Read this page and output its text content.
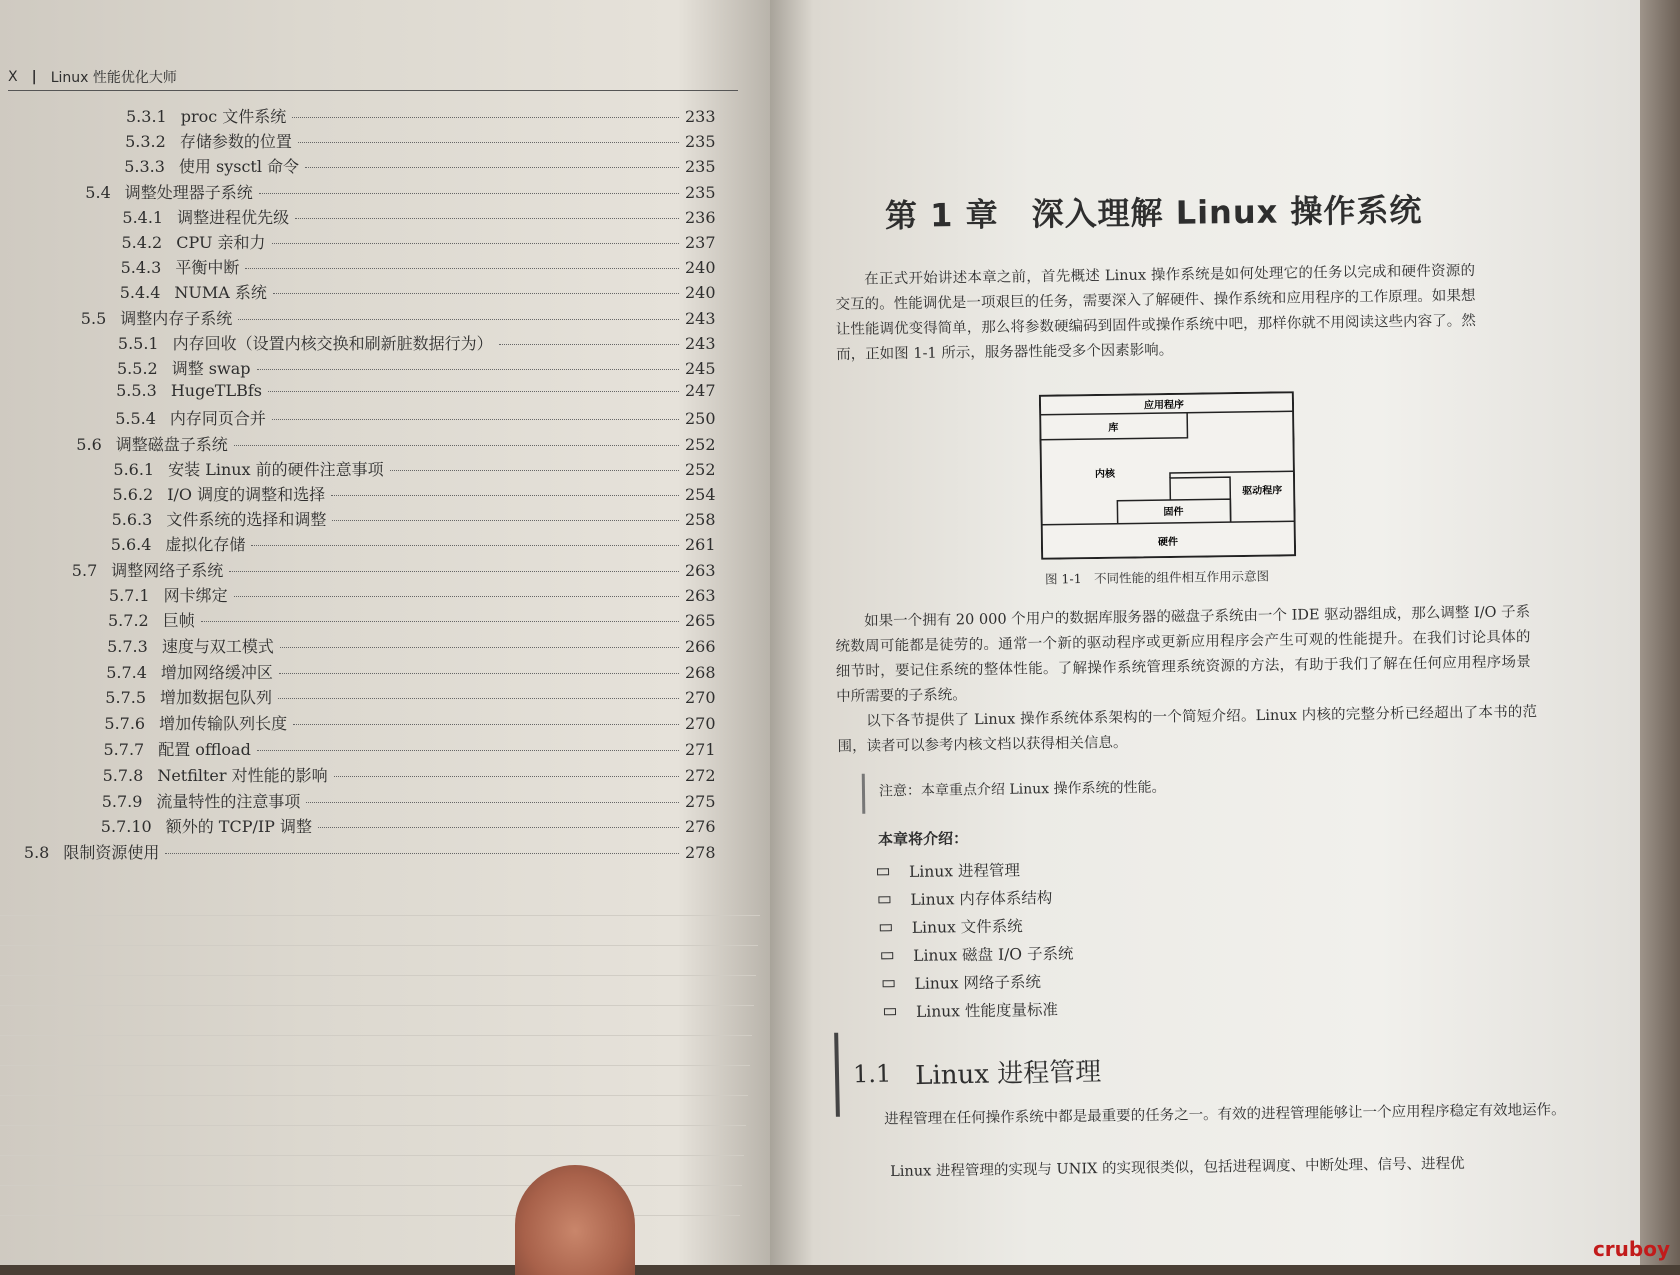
X | Linux 性能优化大师
5.3.1 proc 文件系统	233
5.3.2 存储参数的位置	235
5.3.3 使用 sysctl 命令	235
5.4 调整处理器子系统	235
5.4.1 调整进程优先级	236
5.4.2 CPU 亲和力	237
5.4.3 平衡中断	240
5.4.4 NUMA 系统	240
5.5 调整内存子系统	243
5.5.1 内存回收（设置内核交换和刷新脏数据行为）	243
5.5.2 调整 swap	245
5.5.3 HugeTLBfs	247
5.5.4 内存同页合并	250
5.6 调整磁盘子系统	252
5.6.1 安装 Linux 前的硬件注意事项	252
5.6.2 I/O 调度的调整和选择	254
5.6.3 文件系统的选择和调整	258
5.6.4 虚拟化存储	261
5.7 调整网络子系统	263
5.7.1 网卡绑定	263
5.7.2 巨帧	265
5.7.3 速度与双工模式	266
5.7.4 增加网络缓冲区	268
5.7.5 增加数据包队列	270
5.7.6 增加传输队列长度	270
5.7.7 配置 offload	271
5.7.8 Netfilter 对性能的影响	272
5.7.9 流量特性的注意事项	275
5.7.10 额外的 TCP/IP 调整	276
5.8 限制资源使用	278
第 1 章　深入理解 Linux 操作系统
在正式开始讲述本章之前，首先概述 Linux 操作系统是如何处理它的任务以完成和硬件资源的交互的。性能调优是一项艰巨的任务，需要深入了解硬件、操作系统和应用程序的工作原理。如果想让性能调优变得简单，那么将参数硬编码到固件或操作系统中吧，那样你就不用阅读这些内容了。然而，正如图 1-1 所示，服务器性能受多个因素影响。
应用程序
库
内核
驱动程序
固件
硬件
图 1-1　不同性能的组件相互作用示意图
如果一个拥有 20 000 个用户的数据库服务器的磁盘子系统由一个 IDE 驱动器组成，那么调整 I/O 子系统数周可能都是徒劳的。通常一个新的驱动程序或更新应用程序会产生可观的性能提升。在我们讨论具体的细节时，要记住系统的整体性能。了解操作系统管理系统资源的方法，有助于我们了解在任何应用程序场景中所需要的子系统。
以下各节提供了 Linux 操作系统体系架构的一个简短介绍。Linux 内核的完整分析已经超出了本书的范围，读者可以参考内核文档以获得相关信息。
注意：本章重点介绍 Linux 操作系统的性能。
本章将介绍：
Linux 进程管理
Linux 内存体系结构
Linux 文件系统
Linux 磁盘 I/O 子系统
Linux 网络子系统
Linux 性能度量标准
1.1 Linux 进程管理
进程管理在任何操作系统中都是最重要的任务之一。有效的进程管理能够让一个应用程序稳定有效地运作。
Linux 进程管理的实现与 UNIX 的实现很类似，包括进程调度、中断处理、信号、进程优
cruboy
